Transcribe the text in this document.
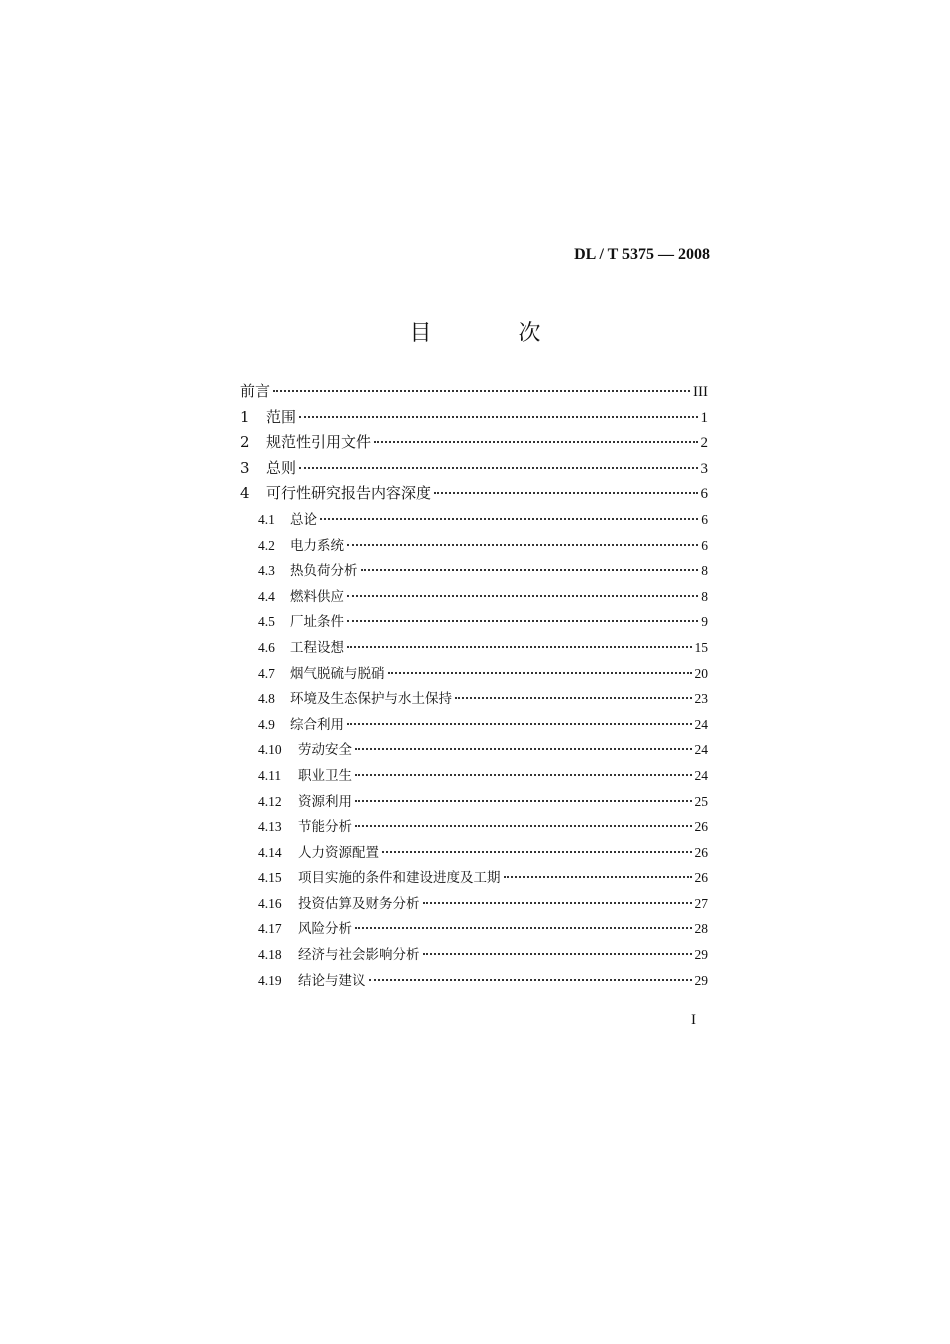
DL / T 5375 — 2008
目 次
前言	III
1	范围	1
2	规范性引用文件	2
3	总则	3
4	可行性研究报告内容深度	6
4.1	总论	6
4.2	电力系统	6
4.3	热负荷分析	8
4.4	燃料供应	8
4.5	厂址条件	9
4.6	工程设想	15
4.7	烟气脱硫与脱硝	20
4.8	环境及生态保护与水土保持	23
4.9	综合利用	24
4.10	劳动安全	24
4.11	职业卫生	24
4.12	资源利用	25
4.13	节能分析	26
4.14	人力资源配置	26
4.15	项目实施的条件和建设进度及工期	26
4.16	投资估算及财务分析	27
4.17	风险分析	28
4.18	经济与社会影响分析	29
4.19	结论与建议	29
I
